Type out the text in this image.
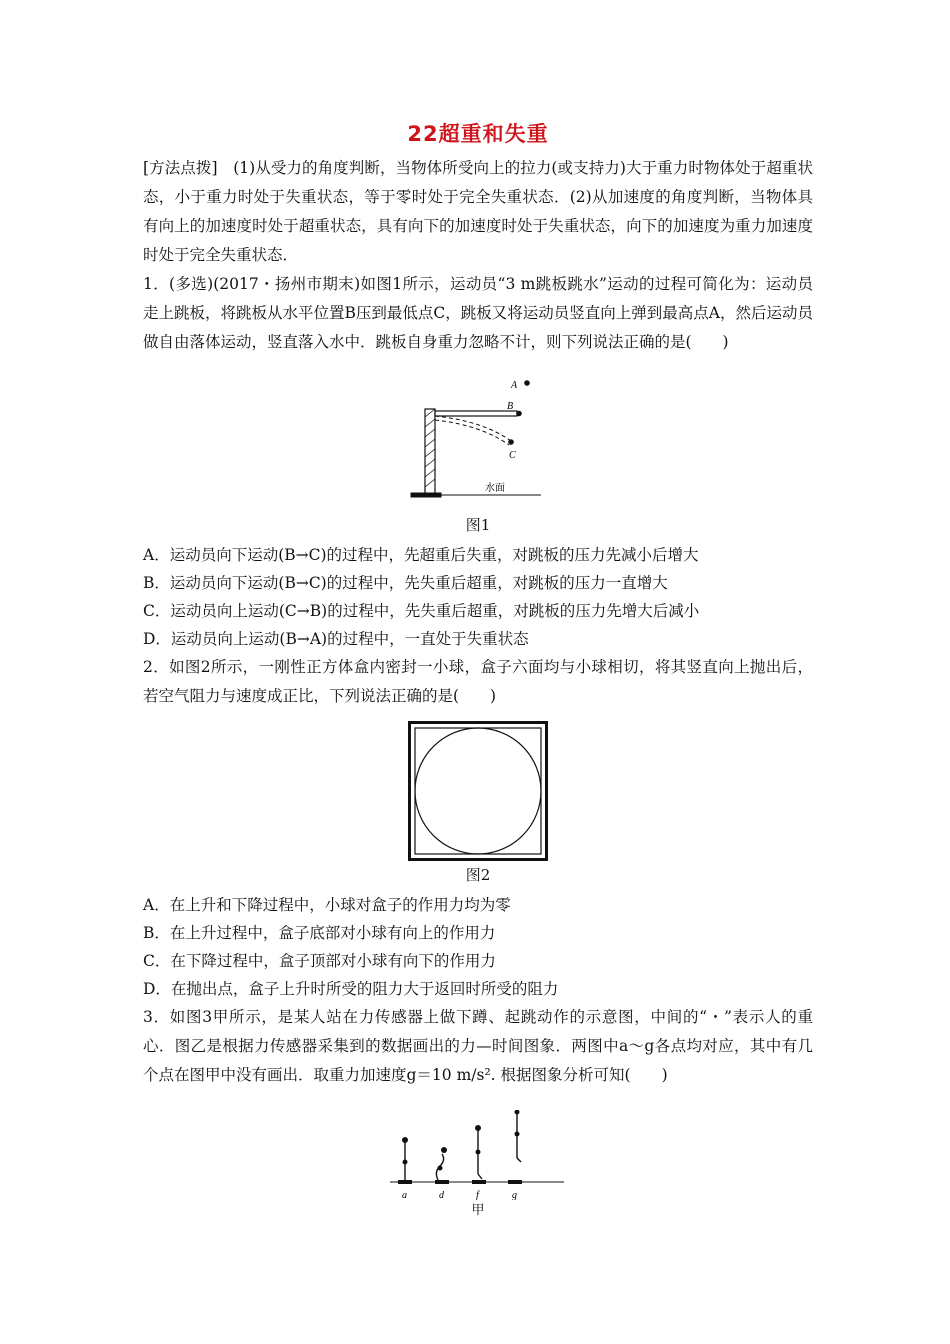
22超重和失重

[方法点拨]　(1)从受力的角度判断，当物体所受向上的拉力(或支持力)大于重力时物体处于超重状态，小于重力时处于失重状态，等于零时处于完全失重状态．(2)从加速度的角度判断，当物体具有向上的加速度时处于超重状态，具有向下的加速度时处于失重状态，向下的加速度为重力加速度时处于完全失重状态．

1．(多选)(2017・扬州市期末)如图1所示，运动员“3 m跳板跳水”运动的过程可简化为：运动员走上跳板，将跳板从水平位置B压到最低点C，跳板又将运动员竖直向上弹到最高点A，然后运动员做自由落体运动，竖直落入水中．跳板自身重力忽略不计，则下列说法正确的是(　　)

A
B
C
水面
图1

A．运动员向下运动(B→C)的过程中，先超重后失重，对跳板的压力先减小后增大

B．运动员向下运动(B→C)的过程中，先失重后超重，对跳板的压力一直增大

C．运动员向上运动(C→B)的过程中，先失重后超重，对跳板的压力先增大后减小

D．运动员向上运动(B→A)的过程中，一直处于失重状态

2．如图2所示，一刚性正方体盒内密封一小球，盒子六面均与小球相切，将其竖直向上抛出后，若空气阻力与速度成正比，下列说法正确的是(　　)

图2

A．在上升和下降过程中，小球对盒子的作用力均为零

B．在上升过程中，盒子底部对小球有向上的作用力

C．在下降过程中，盒子顶部对小球有向下的作用力

D．在抛出点，盒子上升时所受的阻力大于返回时所受的阻力

3．如图3甲所示，是某人站在力传感器上做下蹲、起跳动作的示意图，中间的“・”表示人的重心．图乙是根据力传感器采集到的数据画出的力—时间图象．两图中a～g各点均对应，其中有几个点在图甲中没有画出．取重力加速度g＝10 m/s². 根据图象分析可知(　　)

a	d	f	g
甲
